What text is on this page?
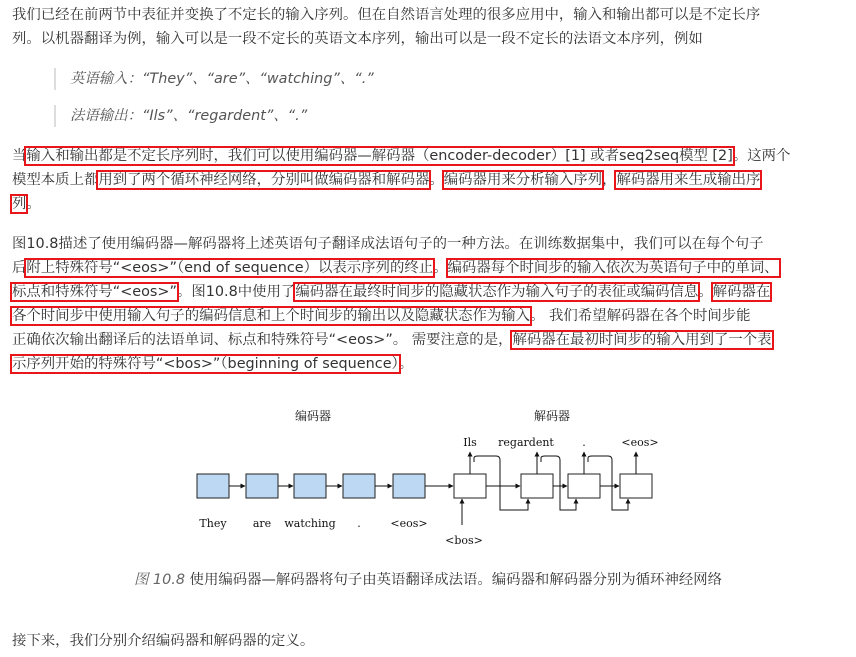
我们已经在前两节中表征并变换了不定长的输入序列。但在自然语言处理的很多应用中，输入和输出都可以是不定长序
列。以机器翻译为例，输入可以是一段不定长的英语文本序列，输出可以是一段不定长的法语文本序列，例如
英语输入：“They”、“are”、“watching”、“.”
法语输出：“Ils”、“regardent”、“.”
当输入和输出都是不定长序列时，我们可以使用编码器—解码器（encoder-decoder）[1] 或者seq2seq模型 [2]。这两个
模型本质上都用到了两个循环神经网络，分别叫做编码器和解码器。编码器用来分析输入序列，解码器用来生成输出序
列。
图10.8描述了使用编码器—解码器将上述英语句子翻译成法语句子的一种方法。在训练数据集中，我们可以在每个句子
后附上特殊符号“<eos>”（end of sequence）以表示序列的终止。编码器每个时间步的输入依次为英语句子中的单词、
标点和特殊符号“<eos>”。图10.8中使用了编码器在最终时间步的隐藏状态作为输入句子的表征或编码信息。解码器在
各个时间步中使用输入句子的编码信息和上个时间步的输出以及隐藏状态作为输入。 我们希望解码器在各个时间步能
正确依次输出翻译后的法语单词、标点和特殊符号“<eos>”。 需要注意的是，解码器在最初时间步的输入用到了一个表
示序列开始的特殊符号“<bos>”（beginning of sequence）。
编码器	解码器
They are watching .	<eos>
<bos>
Ils regardent	.	<eos>
图 10.8 使用编码器—解码器将句子由英语翻译成法语。编码器和解码器分别为循环神经网络
接下来，我们分别介绍编码器和解码器的定义。
